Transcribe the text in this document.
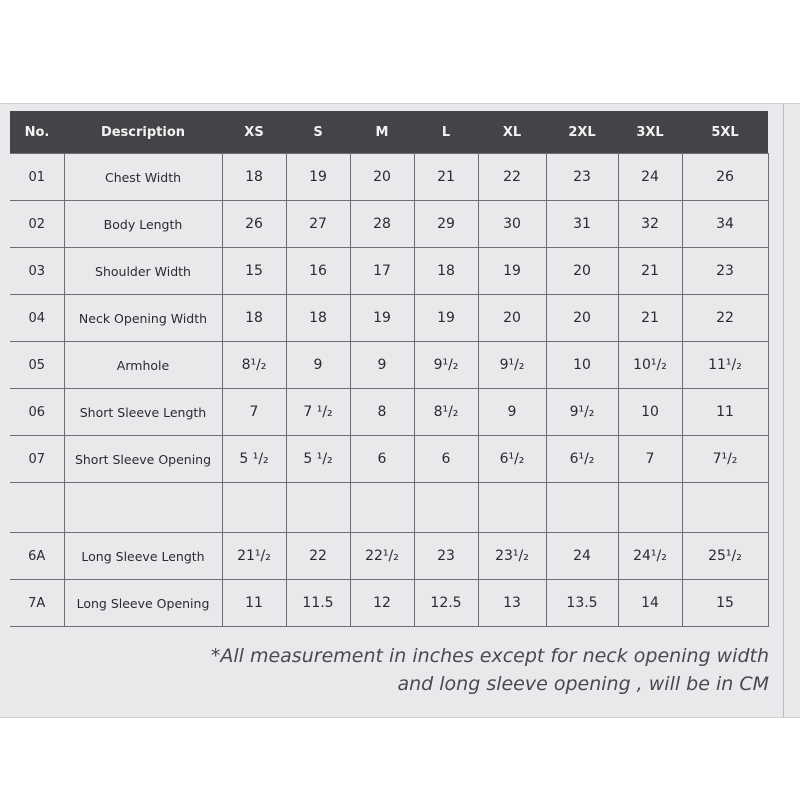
No.	Description	XS	S	M	L	XL	2XL	3XL	5XL
01	Chest Width	18	19	20	21	22	23	24	26
02	Body Length	26	27	28	29	30	31	32	34
03	Shoulder Width	15	16	17	18	19	20	21	23
04	Neck Opening Width	18	18	19	19	20	20	21	22
05	Armhole	8¹/₂	9	9	9¹/₂	9¹/₂	10	10¹/₂	11¹/₂
06	Short Sleeve Length	7	7 ¹/₂	8	8¹/₂	9	9¹/₂	10	11
07	Short Sleeve Opening	5 ¹/₂	5 ¹/₂	6	6	6¹/₂	6¹/₂	7	7¹/₂

6A	Long Sleeve Length	21¹/₂	22	22¹/₂	23	23¹/₂	24	24¹/₂	25¹/₂
7A	Long Sleeve Opening	11	11.5	12	12.5	13	13.5	14	15
*All measurement in inches except for neck opening width
and long sleeve opening , will be in CM
